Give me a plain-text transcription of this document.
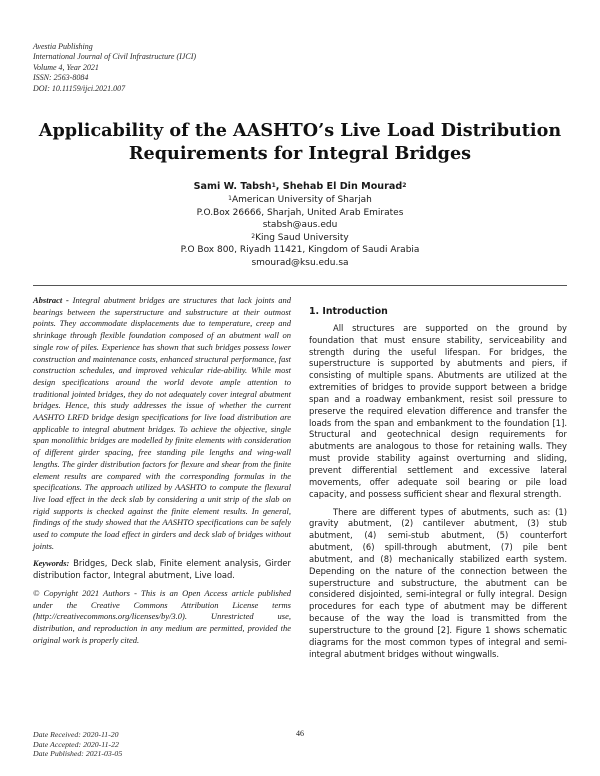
Avestia Publishing
International Journal of Civil Infrastructure (IJCI)
Volume 4, Year 2021
ISSN: 2563-8084
DOI: 10.11159/ijci.2021.007
Applicability of the AASHTO’s Live Load Distribution
Requirements for Integral Bridges
Sami W. Tabsh$^1$, Shehab El Din Mourad$^2$
$^1$American University of Sharjah
P.O.Box 26666, Sharjah, United Arab Emirates
stabsh@aus.edu
$^2$King Saud University
P.O Box 800, Riyadh 11421, Kingdom of Saudi Arabia
smourad@ksu.edu.sa
Abstract - Integral abutment bridges are structures that lack joints and bearings between the superstructure and substructure at their outmost points. They accommodate displacements due to temperature, creep and shrinkage through flexible foundation composed of an abutment wall on single row of piles. Experience has shown that such bridges possess lower construction and maintenance costs, enhanced structural performance, fast construction schedules, and improved vehicular ride-ability. While most design specifications around the world devote ample attention to traditional jointed bridges, they do not adequately cover integral abutment bridges. Hence, this study addresses the issue of whether the current AASHTO LRFD bridge design specifications for live load distribution are applicable to integral abutment bridges. To achieve the objective, single span monolithic bridges are modelled by finite elements with consideration of different girder spacing, free standing pile lengths and wing-wall lengths. The girder distribution factors for flexure and shear from the finite element results are compared with the corresponding formulas in the specifications. The approach utilized by AASHTO to compute the flexural live load effect in the deck slab by considering a unit strip of the slab on rigid supports is checked against the finite element results. In general, findings of the study showed that the AASHTO specifications can be safely used to compute the load effect in girders and deck slab of bridges without joints.
Keywords: Bridges, Deck slab, Finite element analysis, Girder distribution factor, Integral abutment, Live load.
© Copyright 2021 Authors - This is an Open Access article published under the Creative Commons Attribution License terms (http://creativecommons.org/licenses/by/3.0). Unrestricted use, distribution, and reproduction in any medium are permitted, provided the original work is properly cited.
1. Introduction

All structures are supported on the ground by foundation that must ensure stability, serviceability and strength during the useful lifespan. For bridges, the superstructure is supported by abutments and piers, if consisting of multiple spans. Abutments are utilized at the extremities of bridges to provide support between a bridge span and a roadway embankment, resist soil pressure to preserve the required elevation difference and transfer the loads from the span and embankment to the foundation [1]. Structural and geotechnical design requirements for abutments are analogous to those for retaining walls. They must provide stability against overturning and sliding, prevent differential settlement and excessive lateral movements, offer adequate soil bearing or pile load capacity, and possess sufficient shear and flexural strength.

There are different types of abutments, such as: (1) gravity abutment, (2) cantilever abutment, (3) stub abutment, (4) semi-stub abutment, (5) counterfort abutment, (6) spill-through abutment, (7) pile bent abutment, and (8) mechanically stabilized earth system. Depending on the nature of the connection between the superstructure and substructure, the abutment can be considered disjointed, semi-integral or fully integral. Design procedures for each type of abutment may be different because of the way the load is transmitted from the superstructure to the ground [2]. Figure 1 shows schematic diagrams for the most common types of integral and semi-integral abutment bridges without wingwalls.

Date Received: 2020-11-20
Date Accepted: 2020-11-22
Date Published: 2021-03-05
46
